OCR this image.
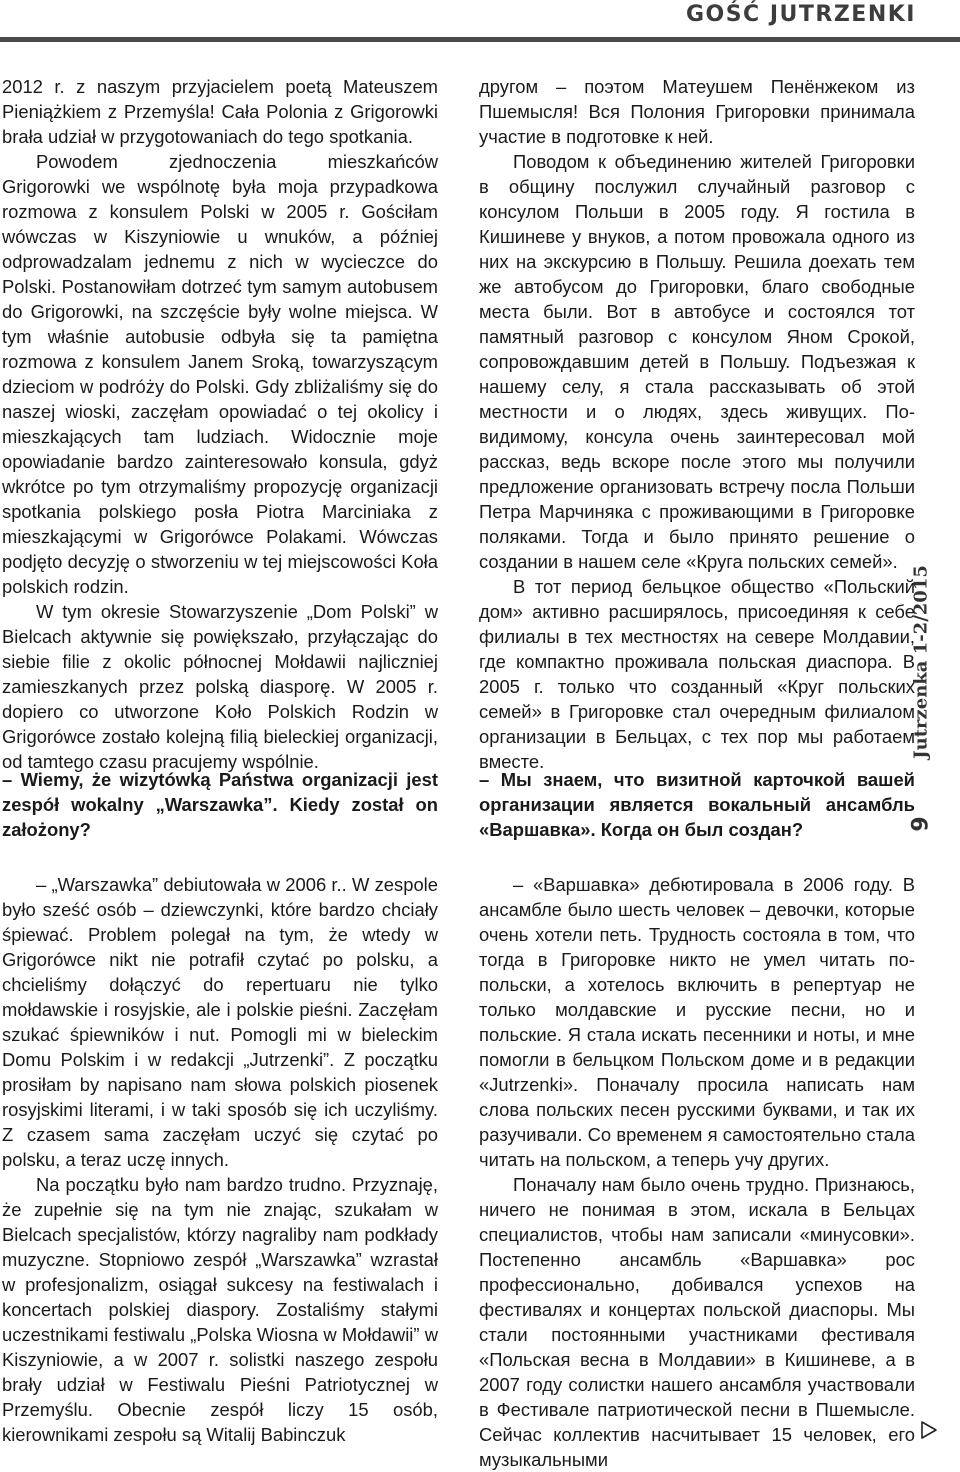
GOŚĆ JUTRZENKI

2012 r. z naszym przyjacielem poetą Mateuszem Pieniążkiem z Przemyśla! Cała Polonia z Grigorowki brała udział w przygotowaniach do tego spotkania.

Powodem zjednoczenia mieszkańców Grigorowki we wspólnotę była moja przypadkowa rozmowa z konsulem Polski w 2005 r. Gościłam wówczas w Kiszyniowie u wnuków, a później odprowadzalam jednemu z nich w wycieczce do Polski. Postanowiłam dotrzeć tym samym autobusem do Grigorowki, na szczęście były wolne miejsca. W tym właśnie autobusie odbyła się ta pamiętna rozmowa z konsulem Janem Sroką, towarzyszącym dzieciom w podróży do Polski. Gdy zbliżaliśmy się do naszej wioski, zaczęłam opowiadać o tej okolicy i mieszkających tam ludziach. Widocznie moje opowiadanie bardzo zainteresowało konsula, gdyż wkrótce po tym otrzymaliśmy propozycję organizacji spotkania polskiego posła Piotra Marciniaka z mieszkającymi w Grigorówce Polakami. Wówczas podjęto decyzję o stworzeniu w tej miejscowości Koła polskich rodzin.

W tym okresie Stowarzyszenie „Dom Polski” w Bielcach aktywnie się powiększało, przyłączając do siebie filie z okolic północnej Mołdawii najliczniej zamieszkanych przez polską diasporę. W 2005 r. dopiero co utworzone Koło Polskich Rodzin w Grigorówce zostało kolejną filią bieleckiej organizacji, od tamtego czasu pracujemy wspólnie.

– Wiemy, że wizytówką Państwa organizacji jest zespół wokalny „Warszawka”. Kiedy został on założony?

– „Warszawka” debiutowała w 2006 r.. W zespole było sześć osób – dziewczynki, które bardzo chciały śpiewać. Problem polegał na tym, że wtedy w Grigorówce nikt nie potrafił czytać po polsku, a chcieliśmy dołączyć do repertuaru nie tylko mołdawskie i rosyjskie, ale i polskie pieśni. Zaczęłam szukać śpiewników i nut. Pomogli mi w bieleckim Domu Polskim i w redakcji „Jutrzenki”. Z początku prosiłam by napisano nam słowa polskich piosenek rosyjskimi literami, i w taki sposób się ich uczyliśmy. Z czasem sama zaczęłam uczyć się czytać po polsku, a teraz uczę innych.

Na początku było nam bardzo trudno. Przyznaję, że zupełnie się na tym nie znając, szukałam w Bielcach specjalistów, którzy nagraliby nam podkłady muzyczne. Stopniowo zespół „Warszawka” wzrastał w profesjonalizm, osiągał sukcesy na festiwalach i koncertach polskiej diaspory. Zostaliśmy stałymi uczestnikami festiwalu „Polska Wiosna w Mołdawii” w Kiszyniowie, a w 2007 r. solistki naszego zespołu brały udział w Festiwalu Pieśni Patriotycznej w Przemyślu. Obecnie zespół liczy 15 osób, kierownikami zespołu są Witalij Babinczuk

другом – поэтом Матеушем Пенёнжеком из Пшемысля! Вся Полония Григоровки принимала участие в подготовке к ней.

Поводом к объединению жителей Григоровки в общину послужил случайный разговор с консулом Польши в 2005 году. Я гостила в Кишиневе у внуков, а потом провожала одного из них на экскурсию в Польшу. Решила доехать тем же автобусом до Григоровки, благо свободные места были. Вот в автобусе и состоялся тот памятный разговор с консулом Яном Срокой, сопровождавшим детей в Польшу. Подъезжая к нашему селу, я стала рассказывать об этой местности и о людях, здесь живущих. По-видимому, консула очень заинтересовал мой рассказ, ведь вскоре после этого мы получили предложение организовать встречу посла Польши Петра Марчиняка с проживающими в Григоровке поляками. Тогда и было принято решение о создании в нашем селе «Круга польских семей».

В тот период бельцкое общество «Польский дом» активно расширялось, присоединяя к себе филиалы в тех местностях на севере Молдавии, где компактно проживала польская диаспора. В 2005 г. только что созданный «Круг польских семей» в Григоровке стал очередным филиалом организации в Бельцах, с тех пор мы работаем вместе.

– Мы знаем, что визитной карточкой вашей организации является вокальный ансамбль «Варшавка». Когда он был создан?

– «Варшавка» дебютировала в 2006 году. В ансамбле было шесть человек – девочки, которые очень хотели петь. Трудность состояла в том, что тогда в Григоровке никто не умел читать по-польски, а хотелось включить в репертуар не только молдавские и русские песни, но и польские. Я стала искать песенники и ноты, и мне помогли в бельцком Польском доме и в редакции «Jutrzenki». Поначалу просила написать нам слова польских песен русскими буквами, и так их разучивали. Со временем я самостоятельно стала читать на польском, а теперь учу других.

Поначалу нам было очень трудно. Признаюсь, ничего не понимая в этом, искала в Бельцах специалистов, чтобы нам записали «минусовки». Постепенно ансамбль «Варшавка» рос профессионально, добивался успехов на фестивалях и концертах польской диаспоры. Мы стали постоянными участниками фестиваля «Польская весна в Молдавии» в Кишиневе, а в 2007 году солистки нашего ансамбля участвовали в Фестивале патриотической песни в Пшемысле. Сейчас коллектив насчитывает 15 человек, его музыкальными

Jutrzenka 1-2/2015
9
